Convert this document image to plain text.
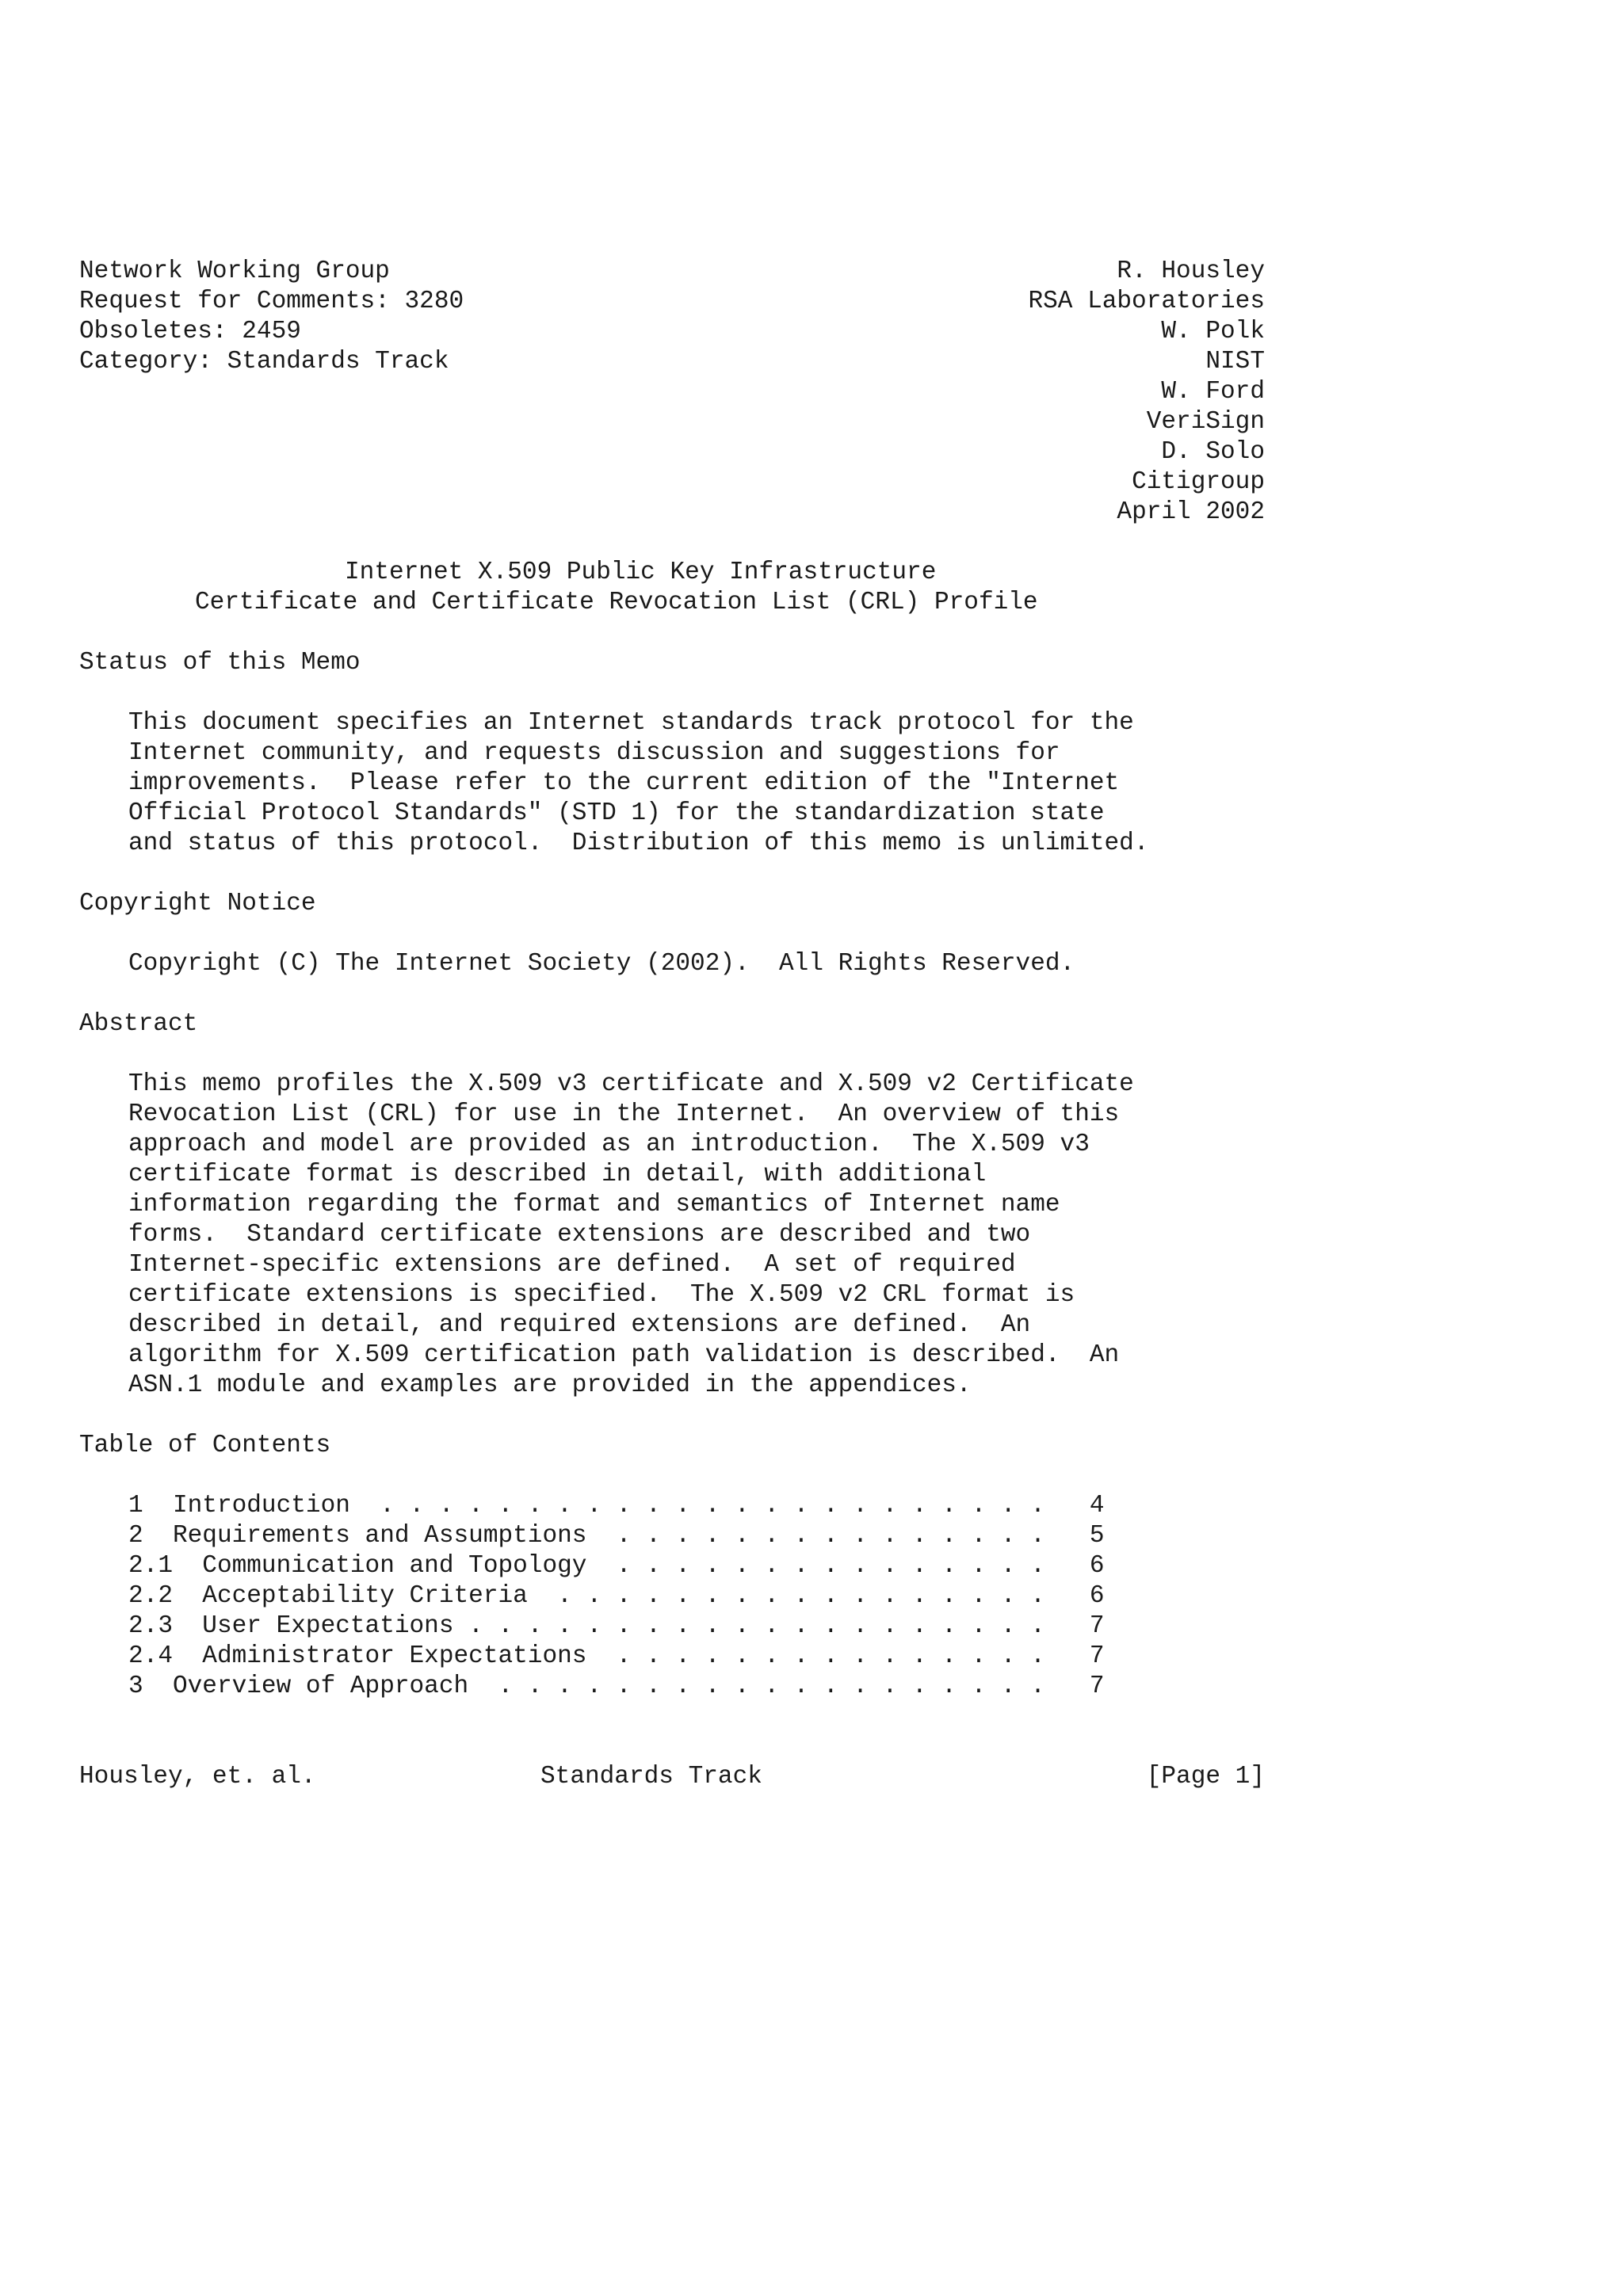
Network Working Group	R. Housley
Request for Comments: 3280	RSA Laboratories
Obsoletes: 2459	W. Polk
Category: Standards Track	NIST
W. Ford
VeriSign
D. Solo
Citigroup
April 2002
Internet X.509 Public Key Infrastructure
Certificate and Certificate Revocation List (CRL) Profile
Status of this Memo
This document specifies an Internet standards track protocol for the
Internet community, and requests discussion and suggestions for
improvements.  Please refer to the current edition of the "Internet
Official Protocol Standards" (STD 1) for the standardization state
and status of this protocol.  Distribution of this memo is unlimited.
Copyright Notice
Copyright (C) The Internet Society (2002).  All Rights Reserved.
Abstract
This memo profiles the X.509 v3 certificate and X.509 v2 Certificate
Revocation List (CRL) for use in the Internet.  An overview of this
approach and model are provided as an introduction.  The X.509 v3
certificate format is described in detail, with additional
information regarding the format and semantics of Internet name
forms.  Standard certificate extensions are described and two
Internet-specific extensions are defined.  A set of required
certificate extensions is specified.  The X.509 v2 CRL format is
described in detail, and required extensions are defined.  An
algorithm for X.509 certification path validation is described.  An
ASN.1 module and examples are provided in the appendices.
Table of Contents
1  Introduction  . . . . . . . . . . . . . . . . . . . . . . .   4
2  Requirements and Assumptions  . . . . . . . . . . . . . . .   5
2.1  Communication and Topology  . . . . . . . . . . . . . . .   6
2.2  Acceptability Criteria  . . . . . . . . . . . . . . . . .   6
2.3  User Expectations . . . . . . . . . . . . . . . . . . . .   7
2.4  Administrator Expectations  . . . . . . . . . . . . . . .   7
3  Overview of Approach  . . . . . . . . . . . . . . . . . . .   7
Housley, et. al.	Standards Track	[Page 1]
